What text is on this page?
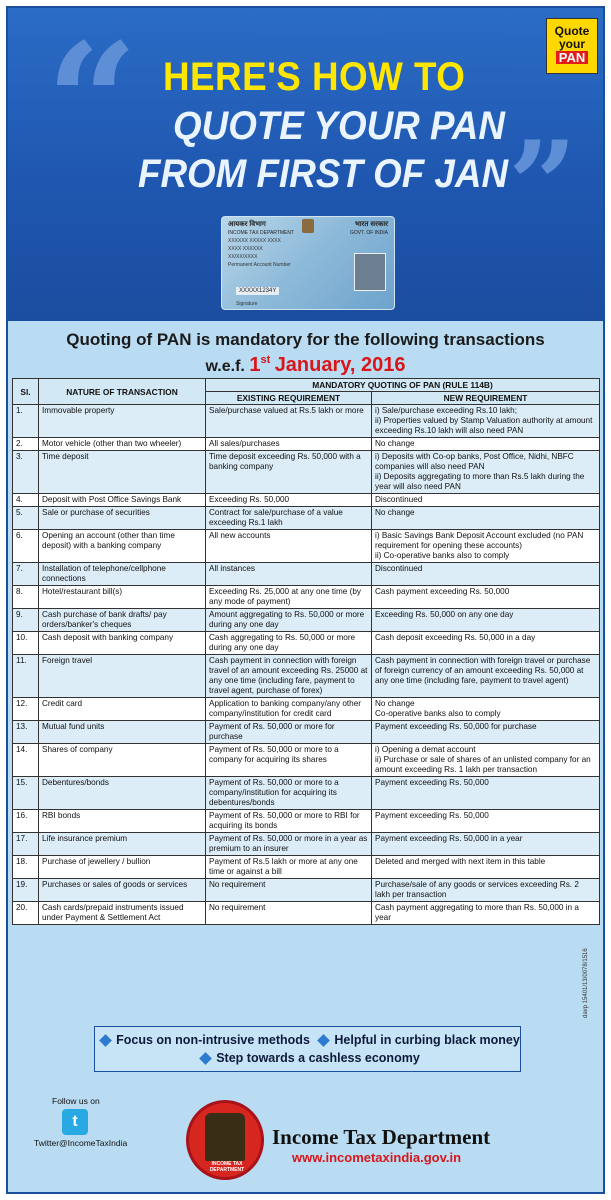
“	”
HERE'S HOW TO
QUOTE YOUR PAN
FROM FIRST OF JAN
Quote
your
PAN
आयकर विभाग	भारत सरकार
INCOME TAX DEPARTMENT	GOVT. OF INDIA
XXXXXX XXXXX XXXX
XXXX XXXXXX
XX/XX/XXXX
Permanent Account Number
XXXXX1234Y
Signature
Quoting of PAN is mandatory for the following transactions
w.e.f. 1st January, 2016
Sl.	NATURE OF TRANSACTION	MANDATORY QUOTING OF PAN (RULE 114B)	
		EXISTING REQUIREMENT	NEW REQUIREMENT
1.	Immovable property	Sale/purchase valued at Rs.5 lakh or more	i) Sale/purchase exceeding Rs.10 lakh;
ii) Properties valued by Stamp Valuation authority at amount exceeding Rs.10 lakh will also need PAN

2.	Motor vehicle (other than two wheeler)	All sales/purchases	No change

3.	Time deposit	Time deposit exceeding Rs. 50,000 with a banking company	i) Deposits with Co-op banks, Post Office, Nidhi, NBFC companies will also need PAN
ii) Deposits aggregating to more than Rs.5 lakh during the year will also need PAN

4.	Deposit with Post Office Savings Bank	Exceeding Rs. 50,000	Discontinued

5.	Sale or purchase of securities	Contract for sale/purchase of a value exceeding Rs.1 lakh	No change

6.	Opening an account (other than time deposit) with a banking company	All new accounts	i) Basic Savings Bank Deposit Account excluded (no PAN requirement for opening these accounts)
ii) Co-operative banks also to comply

7.	Installation of telephone/cellphone connections	All instances	Discontinued

8.	Hotel/restaurant bill(s)	Exceeding Rs. 25,000 at any one time (by any mode of payment)	Cash payment exceeding Rs. 50,000

9.	Cash purchase of bank drafts/ pay orders/banker's cheques	Amount aggregating to Rs. 50,000 or more during any one day	Exceeding Rs. 50,000 on any one day

10.	Cash deposit with banking company	Cash aggregating to Rs. 50,000 or more during any one day	Cash deposit exceeding Rs. 50,000 in a day

11.	Foreign travel	Cash payment in connection with foreign travel of an amount exceeding Rs. 25000 at any one time (including fare, payment to travel agent, purchase of forex)	Cash payment in connection with foreign travel or purchase of foreign currency of an amount exceeding Rs. 50,000 at any one time (including fare, payment to travel agent)

12.	Credit card	Application to banking company/any other company/institution for credit card	No change
Co-operative banks also to comply

13.	Mutual fund units	Payment of Rs. 50,000 or more for purchase	Payment exceeding Rs. 50,000 for purchase

14.	Shares of company	Payment of Rs. 50,000 or more to a company for acquiring its shares	i) Opening a demat account
ii) Purchase or sale of shares of an unlisted company for an amount exceeding Rs. 1 lakh per transaction

15.	Debentures/bonds	Payment of Rs. 50,000 or more to a company/institution for acquiring its debentures/bonds	Payment exceeding Rs. 50,000

16.	RBI bonds	Payment of Rs. 50,000 or more to RBI for acquiring its bonds	Payment exceeding Rs. 50,000

17.	Life insurance premium	Payment of Rs. 50,000 or more in a year as premium to an insurer	Payment exceeding Rs. 50,000 in a year

18.	Purchase of jewellery / bullion	Payment of Rs.5 lakh or more at any one time or against a bill	Deleted and merged with next item in this table

19.	Purchases or sales of goods or services	No requirement	Purchase/sale of any goods or services exceeding Rs. 2 lakh per transaction

20.	Cash cards/prepaid instruments issued under Payment & Settlement Act	No requirement	Cash payment aggregating to more than Rs. 50,000 in a year
Focus on non-intrusive methods Helpful in curbing black money
Step towards a cashless economy
Follow us on
t
Twitter@IncomeTaxIndia
INCOME TAX DEPARTMENT
Income Tax Department
www.incometaxindia.gov.in
davp 15401/13/0078/1516
